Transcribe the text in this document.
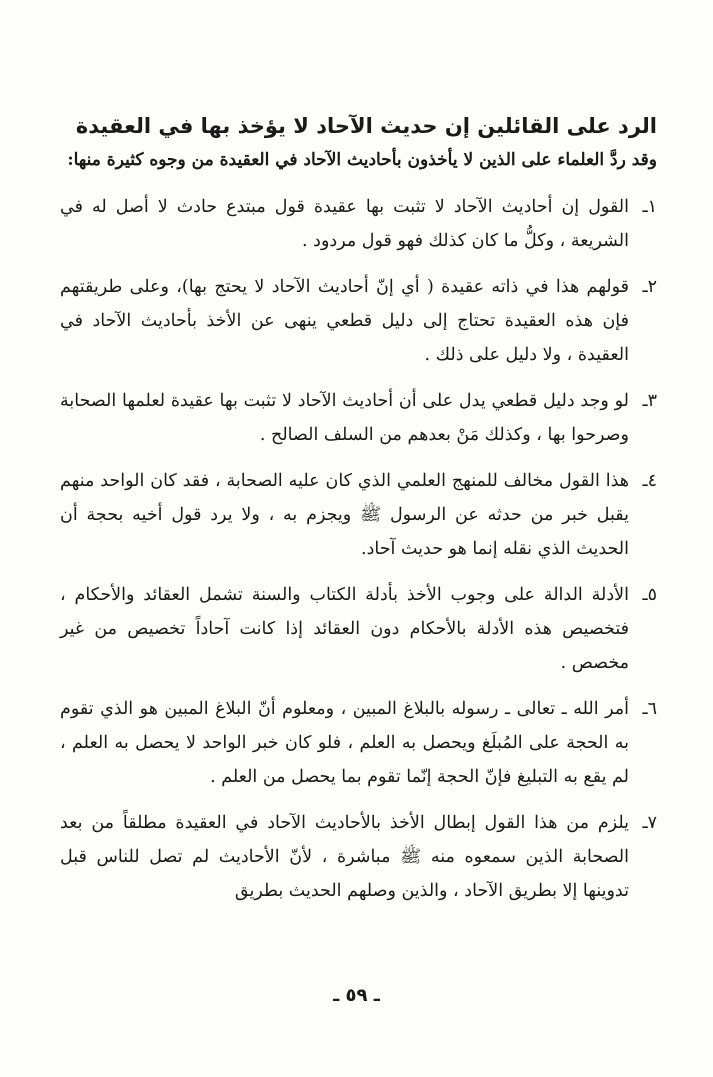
الرد على القائلين إن حديث الآحاد لا يؤخذ بها في العقيدة

وقد ردَّ العلماء على الذين لا يأخذون بأحاديث الآحاد في العقيدة من وجوه كثيرة منها:

١ـ
القول إن أحاديث الآحاد لا تثبت بها عقيدة قول مبتدع حادث لا أصل له في الشريعة ، وكلُّ ما كان كذلك فهو قول مردود .
٢ـ
قولهم هذا في ذاته عقيدة ( أي إنّ أحاديث الآحاد لا يحتج بها)، وعلى طريقتهم فإن هذه العقيدة تحتاج إلى دليل قطعي ينهى عن الأخذ بأحاديث الآحاد في العقيدة ، ولا دليل على ذلك .
٣ـ
لو وجد دليل قطعي يدل على أن أحاديث الآحاد لا تثبت بها عقيدة لعلمها الصحابة وصرحوا بها ، وكذلك مَنْ بعدهم من السلف الصالح .
٤ـ
هذا القول مخالف للمنهج العلمي الذي كان عليه الصحابة ، فقد كان الواحد منهم يقبل خبر من حدثه عن الرسول ﷺ ويجزم به ، ولا يرد قول أخيه بحجة أن الحديث الذي نقله إنما هو حديث آحاد.
٥ـ
الأدلة الدالة على وجوب الأخذ بأدلة الكتاب والسنة تشمل العقائد والأحكام ، فتخصيص هذه الأدلة بالأحكام دون العقائد إذا كانت آحاداً تخصيص من غير مخصص .
٦ـ
أمر الله ـ تعالى ـ رسوله بالبلاغ المبين ، ومعلوم أنّ البلاغ المبين هو الذي تقوم به الحجة على المُبلَغ ويحصل به العلم ، فلو كان خبر الواحد لا يحصل به العلم ، لم يقع به التبليغ فإنّ الحجة إنّما تقوم بما يحصل من العلم .
٧ـ
يلزم من هذا القول إبطال الأخذ بالأحاديث الآحاد في العقيدة مطلقاً من بعد الصحابة الذين سمعوه منه ﷺ مباشرة ، لأنّ الأحاديث لم تصل للناس قبل تدوينها إلا بطريق الآحاد ، والذين وصلهم الحديث بطريق
ـ ٥٩ ـ
